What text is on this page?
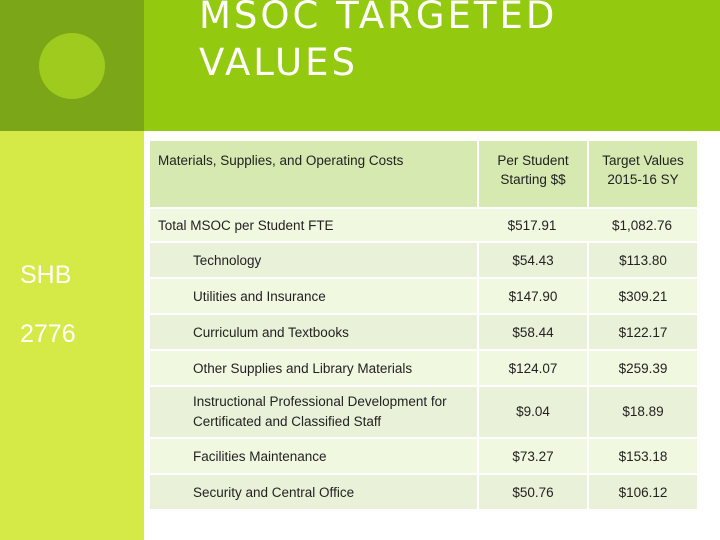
MSOC TARGETED VALUES
SHB
2776
Materials, Supplies, and Operating Costs	Per Student Starting $$	Target Values 2015-16 SY
Total MSOC per Student FTE	$517.91	$1,082.76
Technology	$54.43	$113.80
Utilities and Insurance	$147.90	$309.21
Curriculum and Textbooks	$58.44	$122.17
Other Supplies and Library Materials	$124.07	$259.39
Instructional Professional Development for Certificated and Classified Staff	$9.04	$18.89
Facilities Maintenance	$73.27	$153.18
Security and Central Office	$50.76	$106.12
